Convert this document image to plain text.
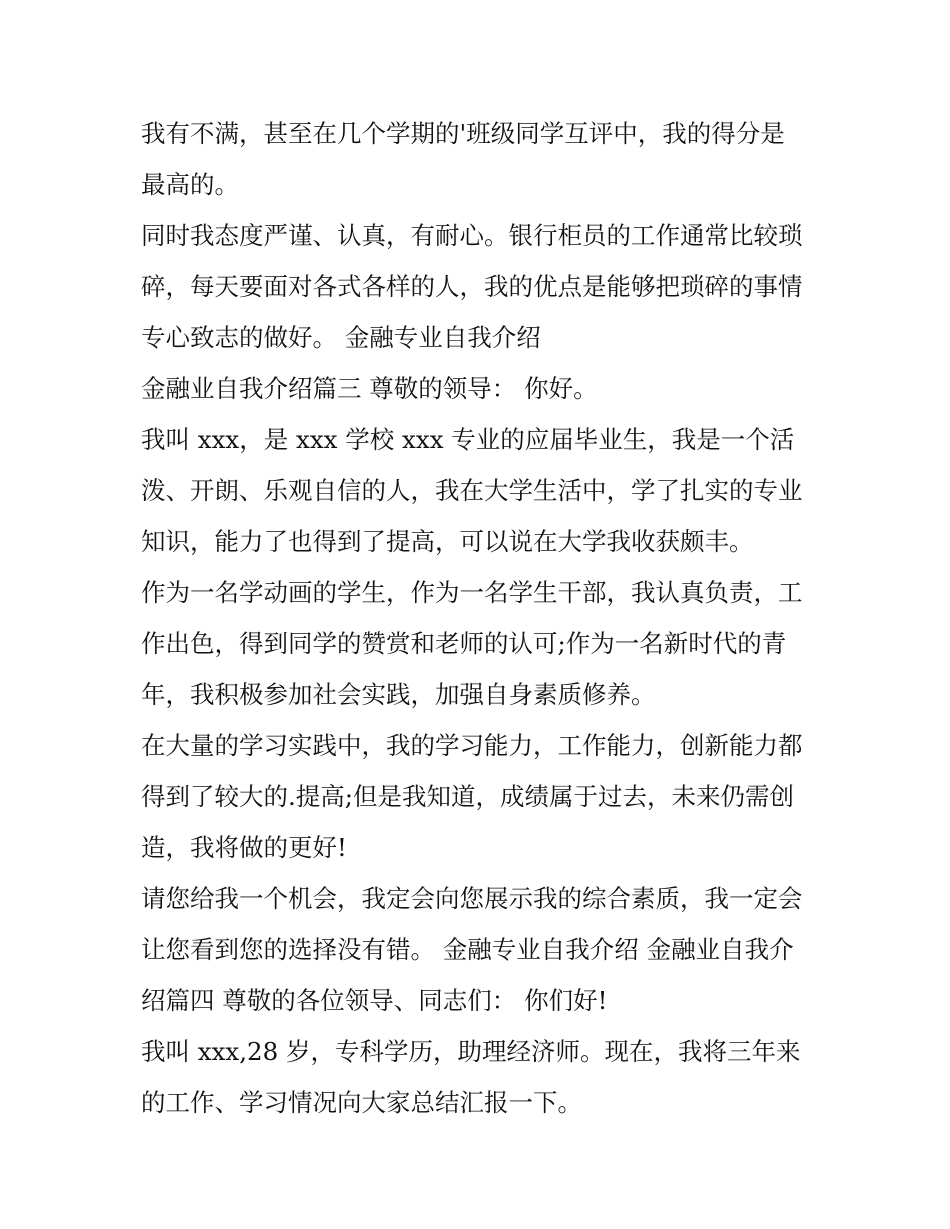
我有不满，甚至在几个学期的'班级同学互评中，我的得分是
最高的。
同时我态度严谨、认真，有耐心。银行柜员的工作通常比较琐
碎，每天要面对各式各样的人，我的优点是能够把琐碎的事情
专心致志的做好。 金融专业自我介绍
金融业自我介绍篇三 尊敬的领导： 你好。
我叫 xxx，是 xxx 学校 xxx 专业的应届毕业生，我是一个活
泼、开朗、乐观自信的人，我在大学生活中，学了扎实的专业
知识，能力了也得到了提高，可以说在大学我收获颇丰。
作为一名学动画的学生，作为一名学生干部，我认真负责，工
作出色，得到同学的赞赏和老师的认可;作为一名新时代的青
年，我积极参加社会实践，加强自身素质修养。
在大量的学习实践中，我的学习能力，工作能力，创新能力都
得到了较大的.提高;但是我知道，成绩属于过去，未来仍需创
造，我将做的更好!
请您给我一个机会，我定会向您展示我的综合素质，我一定会
让您看到您的选择没有错。 金融专业自我介绍 金融业自我介
绍篇四 尊敬的各位领导、同志们： 你们好!
我叫 xxx,28 岁，专科学历，助理经济师。现在，我将三年来
的工作、学习情况向大家总结汇报一下。
